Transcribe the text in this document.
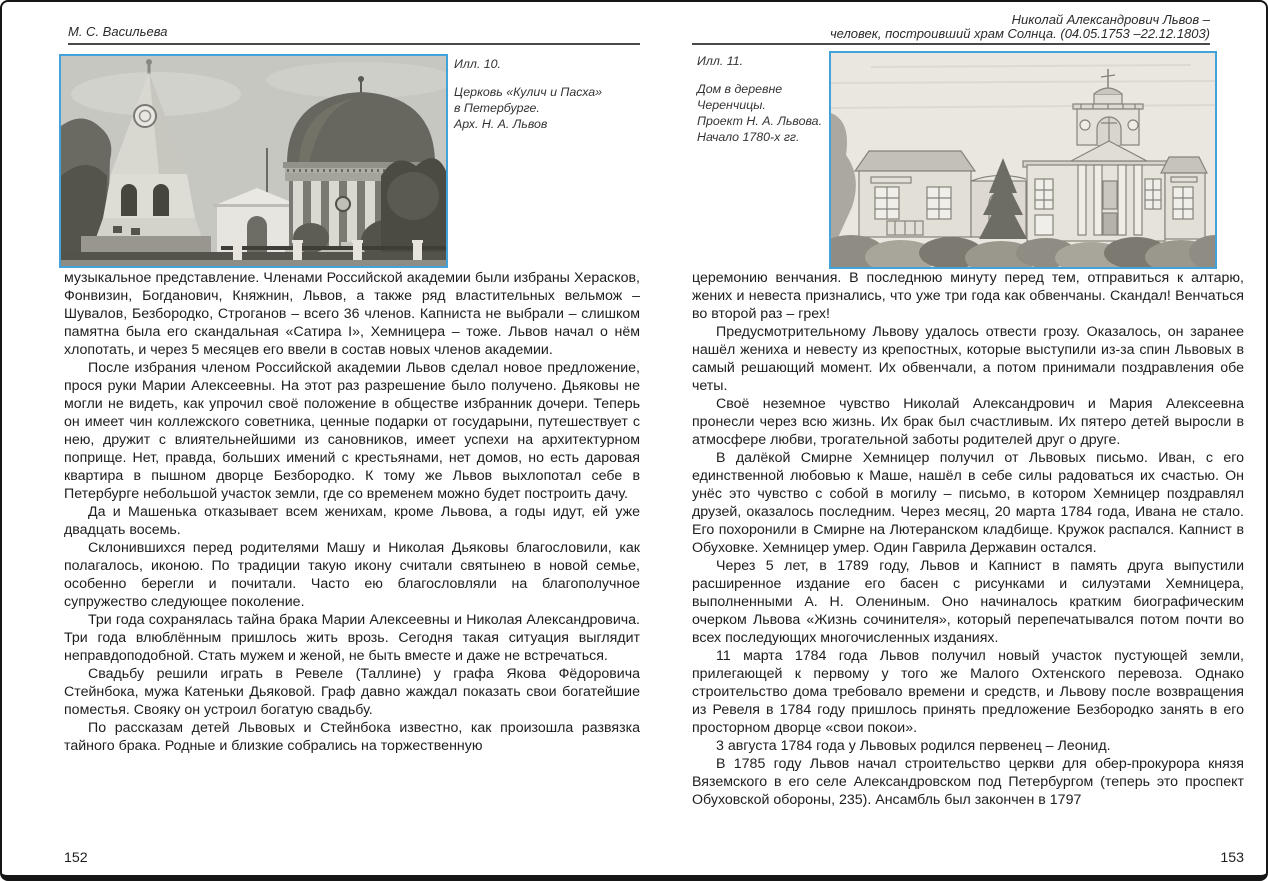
М. С. Васильева
Илл. 10.
Церковь «Кулич и Пасха»
в Петербурге.
Арх. Н. А. Львов

музыкальное представление. Членами Российской академии были избраны Херасков, Фонвизин, Богданович, Княжнин, Львов, а также ряд властительных вельмож – Шувалов, Безбородко, Строганов – всего 36 членов. Капниста не выбрали – слишком памятна была его скандальная «Сатира I», Хемницера – тоже. Львов начал о нём хлопотать, и через 5 месяцев его ввели в состав новых членов академии.

После избрания членом Российской академии Львов сделал новое предложение, прося руки Марии Алексеевны. На этот раз разрешение было получено. Дьяковы не могли не видеть, как упрочил своё положение в обществе избранник дочери. Теперь он имеет чин коллежского советника, ценные подарки от государыни, путешествует с нею, дружит с влиятельнейшими из сановников, имеет успехи на архитектурном поприще. Нет, правда, больших имений с крестьянами, нет домов, но есть даровая квартира в пышном дворце Безбородко. К тому же Львов выхлопотал себе в Петербурге небольшой участок земли, где со временем можно будет построить дачу.

Да и Машенька отказывает всем женихам, кроме Львова, а годы идут, ей уже двадцать восемь.

Склонившихся перед родителями Машу и Николая Дьяковы благословили, как полагалось, иконою. По традиции такую икону считали святынею в новой семье, особенно берегли и почитали. Часто ею благословляли на благополучное супружество следующее поколение.

Три года сохранялась тайна брака Марии Алексеевны и Николая Александровича. Три года влюблённым пришлось жить врозь. Сегодня такая ситуация выглядит неправдоподобной. Стать мужем и женой, не быть вместе и даже не встречаться.

Свадьбу решили играть в Ревеле (Таллине) у графа Якова Фёдоровича Стейнбока, мужа Катеньки Дьяковой. Граф давно жаждал показать свои богатейшие поместья. Свояку он устроил богатую свадьбу.

По рассказам детей Львовых и Стейнбока известно, как произошла развязка тайного брака. Родные и близкие собрались на торжественную

152
Николай Александрович Львов –
человек, построивший храм Солнца. (04.05.1753 –22.12.1803)
Илл. 11.
Дом в деревне
Черенчицы.
Проект Н. А. Львова.
Начало 1780-х гг.

церемонию венчания. В последнюю минуту перед тем, отправиться к алтарю, жених и невеста признались, что уже три года как обвенчаны. Скандал! Венчаться во второй раз – грех!

Предусмотрительному Львову удалось отвести грозу. Оказалось, он заранее нашёл жениха и невесту из крепостных, которые выступили из-за спин Львовых в самый решающий момент. Их обвенчали, а потом принимали поздравления обе четы.

Своё неземное чувство Николай Александрович и Мария Алексеевна пронесли через всю жизнь. Их брак был счастливым. Их пятеро детей выросли в атмосфере любви, трогательной заботы родителей друг о друге.

В далёкой Смирне Хемницер получил от Львовых письмо. Иван, с его единственной любовью к Маше, нашёл в себе силы радоваться их счастью. Он унёс это чувство с собой в могилу – письмо, в котором Хемницер поздравлял друзей, оказалось последним. Через месяц, 20 марта 1784 года, Ивана не стало. Его похоронили в Смирне на Лютеранском кладбище. Кружок распался. Капнист в Обуховке. Хемницер умер. Один Гаврила Державин остался.

Через 5 лет, в 1789 году, Львов и Капнист в память друга выпустили расширенное издание его басен с рисунками и силуэтами Хемницера, выполненными А. Н. Олениным. Оно начиналось кратким биографическим очерком Львова «Жизнь сочинителя», который перепечатывался потом почти во всех последующих многочисленных изданиях.

11 марта 1784 года Львов получил новый участок пустующей земли, прилегающей к первому у того же Малого Охтенского перевоза. Однако строительство дома требовало времени и средств, и Львову после возвращения из Ревеля в 1784 году пришлось принять предложение Безбородко занять в его просторном дворце «свои покои».

3 августа 1784 года у Львовых родился первенец – Леонид.

В 1785 году Львов начал строительство церкви для обер-прокурора князя Вяземского в его селе Александровском под Петербургом (теперь это проспект Обуховской обороны, 235). Ансамбль был закончен в 1797

153
